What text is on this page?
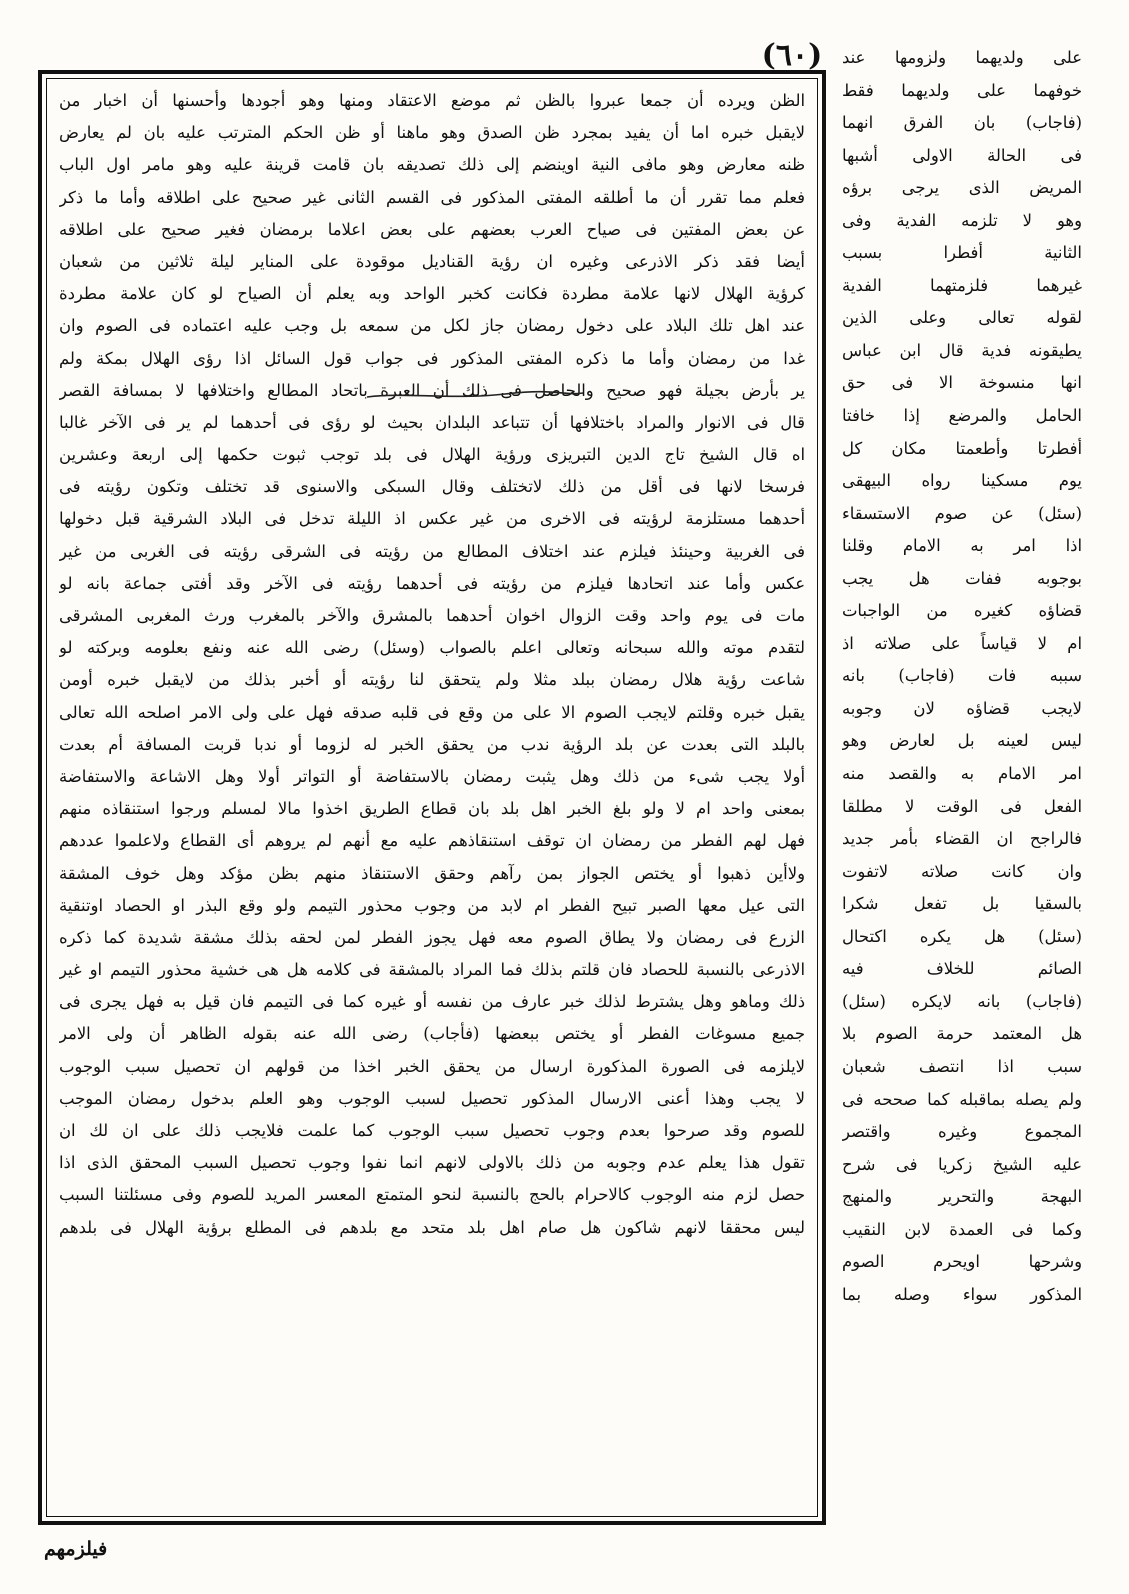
(٦٠)	على ولديهما ولزومها عند
خوفهما على ولديهما فقط
(فاجاب) بان الفرق انهما
فى الحالة الاولى أشبها
المريض الذى يرجى برؤه
وهو لا تلزمه الفدية وفى
الثانية أفطرا بسبب
غيرهما فلزمتهما الفدية
لقوله تعالى وعلى الذين
يطيقونه فدية قال ابن عباس
انها منسوخة الا فى حق
الحامل والمرضع إذا خافتا
أفطرتا وأطعمتا مكان كل
يوم مسكينا رواه البيهقى
(سئل) عن صوم الاستسقاء
اذا امر به الامام وقلنا
بوجوبه ففات هل يجب
قضاؤه كغيره من الواجبات
ام لا قياساً على صلاته اذ
سببه فات (فاجاب) بانه
لايجب قضاؤه لان وجوبه
ليس لعينه بل لعارض وهو
امر الامام به والقصد منه
الفعل فى الوقت لا مطلقا
فالراجح ان القضاء بأمر جديد
وان كانت صلاته لاتفوت
بالسقيا بل تفعل شكرا
(سئل) هل يكره اكتحال
الصائم للخلاف فيه
(فاجاب) بانه لايكره (سئل)
هل المعتمد حرمة الصوم بلا
سبب اذا انتصف شعبان
ولم يصله بماقبله كما صححه فى
المجموع وغيره واقتصر
عليه الشيخ زكريا فى شرح
البهجة والتحرير والمنهج
وكما فى العمدة لابن النقيب
وشرحها اويحرم الصوم
المذكور سواء وصله بما
الظن ويرده أن جمعا عبروا بالظن ثم موضع الاعتقاد ومنها وهو أجودها وأحسنها أن اخبار من
لايقبل خبره اما أن يفيد بمجرد ظن الصدق وهو ماهنا أو ظن الحكم المترتب عليه بان لم يعارض
ظنه معارض وهو مافى النية اوينضم إلى ذلك تصديقه بان قامت قرينة عليه وهو مامر اول الباب
فعلم مما تقرر أن ما أطلقه المفتى المذكور فى القسم الثانى غير صحيح على اطلاقه وأما ما ذكر
عن بعض المفتين فى صياح العرب بعضهم على بعض اعلاما برمضان فغير صحيح على اطلاقه
أيضا فقد ذكر الاذرعى وغيره ان رؤية القناديل موقودة على المناير ليلة ثلاثين من شعبان
كرؤية الهلال لانها علامة مطردة فكانت كخبر الواحد وبه يعلم أن الصياح لو كان علامة مطردة
عند اهل تلك البلاد على دخول رمضان جاز لكل من سمعه بل وجب عليه اعتماده فى الصوم وان
غدا من رمضان وأما ما ذكره المفتى المذكور فى جواب قول السائل اذا رؤى الهلال بمكة ولم
ير بأرض بجيلة فهو صحيح والحاصل فى ذلك أن العبرة باتحاد المطالع واختلافها لا بمسافة القصر
قال فى الانوار والمراد باختلافها أن تتباعد البلدان بحيث لو رؤى فى أحدهما لم ير فى الآخر غالبا
اه قال الشيخ تاج الدين التبريزى ورؤية الهلال فى بلد توجب ثبوت حكمها إلى اربعة وعشرين
فرسخا لانها فى أقل من ذلك لاتختلف وقال السبكى والاسنوى قد تختلف وتكون رؤيته فى
أحدهما مستلزمة لرؤيته فى الاخرى من غير عكس اذ الليلة تدخل فى البلاد الشرقية قبل دخولها
فى الغربية وحينئذ فيلزم عند اختلاف المطالع من رؤيته فى الشرقى رؤيته فى الغربى من غير
عكس وأما عند اتحادها فيلزم من رؤيته فى أحدهما رؤيته فى الآخر وقد أفتى جماعة بانه لو
مات فى يوم واحد وقت الزوال اخوان أحدهما بالمشرق والآخر بالمغرب ورث المغربى المشرقى
لتقدم موته والله سبحانه وتعالى اعلم بالصواب (وسئل) رضى الله عنه ونفع بعلومه وبركته لو
شاعت رؤية هلال رمضان ببلد مثلا ولم يتحقق لنا رؤيته أو أخبر بذلك من لايقبل خبره أومن
يقبل خبره وقلتم لايجب الصوم الا على من وقع فى قلبه صدقه فهل على ولى الامر اصلحه الله تعالى
بالبلد التى بعدت عن بلد الرؤية ندب من يحقق الخبر له لزوما أو ندبا قربت المسافة أم بعدت
أولا يجب شىء من ذلك وهل يثبت رمضان بالاستفاضة أو التواتر أولا وهل الاشاعة والاستفاضة
بمعنى واحد ام لا ولو بلغ الخبر اهل بلد بان قطاع الطريق اخذوا مالا لمسلم ورجوا استنقاذه منهم
فهل لهم الفطر من رمضان ان توقف استنقاذهم عليه مع أنهم لم يروهم أى القطاع ولاعلموا عددهم
ولاأين ذهبوا أو يختص الجواز بمن رآهم وحقق الاستنقاذ منهم بظن مؤكد وهل خوف المشقة
التى عيل معها الصبر تبيح الفطر ام لابد من وجوب محذور التيمم ولو وقع البذر او الحصاد اوتنقية
الزرع فى رمضان ولا يطاق الصوم معه فهل يجوز الفطر لمن لحقه بذلك مشقة شديدة كما ذكره
الاذرعى بالنسبة للحصاد فان قلتم بذلك فما المراد بالمشقة فى كلامه هل هى خشية محذور التيمم او غير
ذلك وماهو وهل يشترط لذلك خبر عارف من نفسه أو غيره كما فى التيمم فان قيل به فهل يجرى فى
جميع مسوغات الفطر أو يختص ببعضها (فأجاب) رضى الله عنه بقوله الظاهر أن ولى الامر
لايلزمه فى الصورة المذكورة ارسال من يحقق الخبر اخذا من قولهم ان تحصيل سبب الوجوب
لا يجب وهذا أعنى الارسال المذكور تحصيل لسبب الوجوب وهو العلم بدخول رمضان الموجب
للصوم وقد صرحوا بعدم وجوب تحصيل سبب الوجوب كما علمت فلايجب ذلك على ان لك ان
تقول هذا يعلم عدم وجوبه من ذلك بالاولى لانهم انما نفوا وجوب تحصيل السبب المحقق الذى اذا
حصل لزم منه الوجوب كالاحرام بالحج بالنسبة لنحو المتمتع المعسر المريد للصوم وفى مسئلتنا السبب
ليس محققا لانهم شاكون هل صام اهل بلد متحد مع بلدهم فى المطلع برؤية الهلال فى بلدهم
فيلزمهم
